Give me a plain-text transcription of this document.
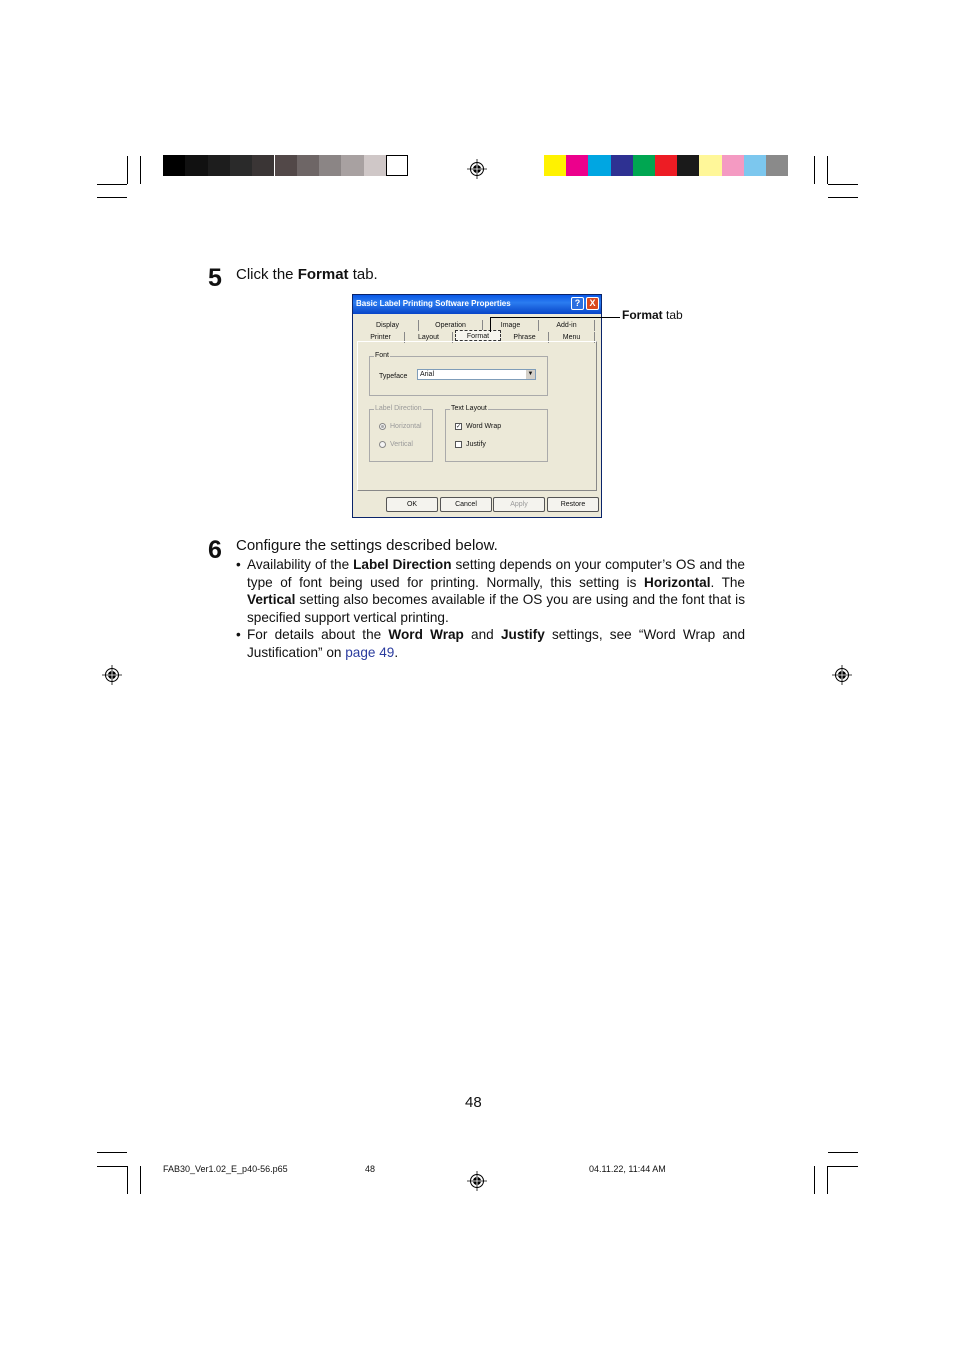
5 Click the Format tab.
Basic Label Printing Software Properties	?	X
Display	Operation	Image	Add-in
Printer	Layout	Format	Phrase	Menu
Font
Typeface Arial	▼
Label Direction
Horizontal
Vertical
Text Layout
✓ Word Wrap
Justify
OK	Cancel	Apply	Restore
Format tab
6 Configure the settings described below.
• Availability of the Label Direction setting depends on your computer’s OS and the type of font being used for printing. Normally, this setting is Horizontal. The Vertical setting also becomes available if the OS you are using and the font that is specified support vertical printing.
• For details about the Word Wrap and Justify settings, see “Word Wrap and Justification” on page 49.
48
FAB30_Ver1.02_E_p40-56.p65	48	04.11.22, 11:44 AM
